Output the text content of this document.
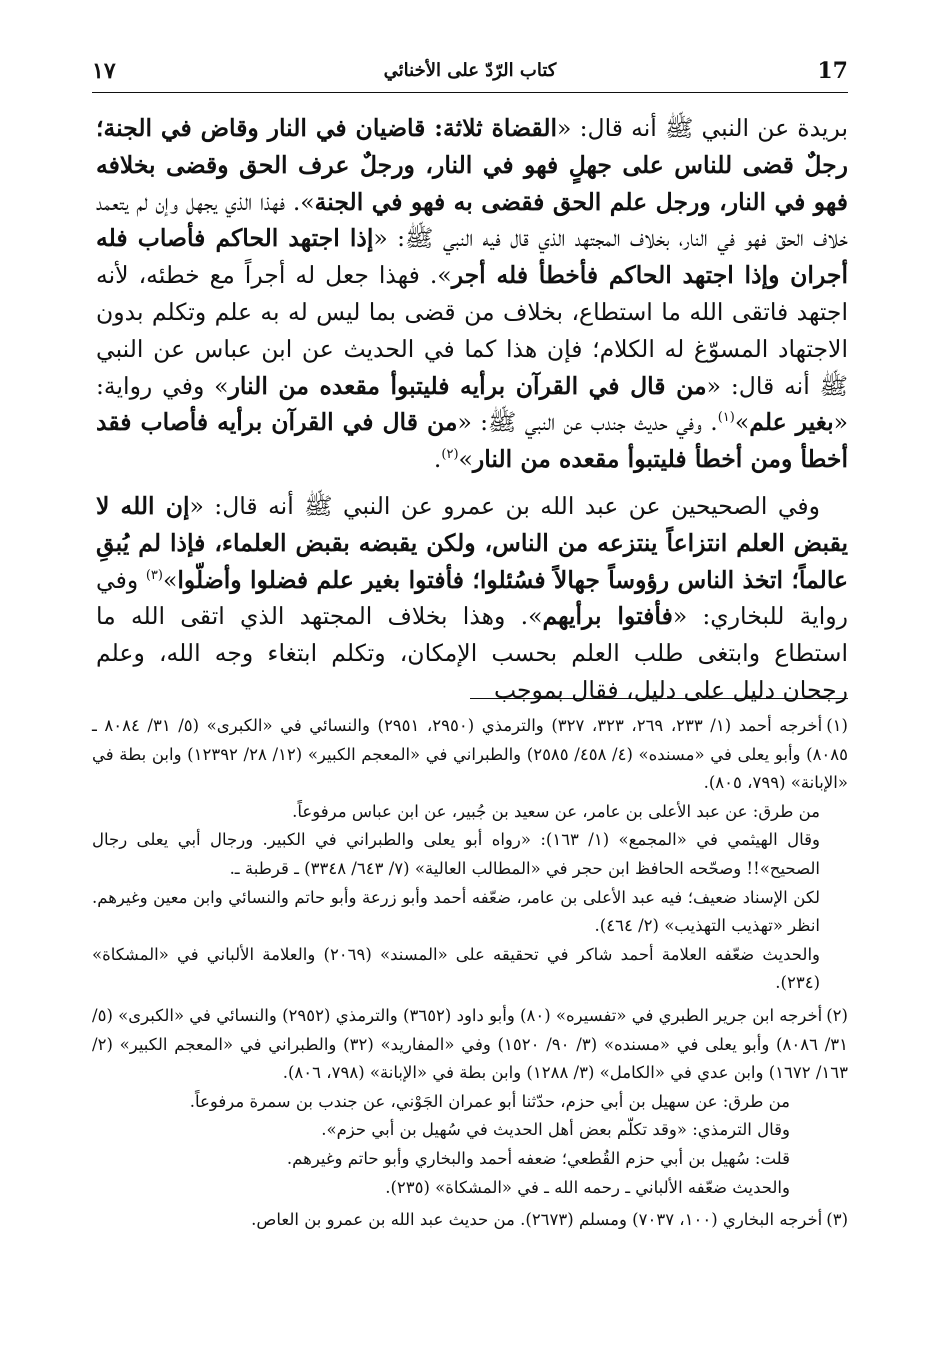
17
كتاب الرّدّ على الأخنائي
١٧

بريدة عن النبي ﷺ أنه قال: «القضاة ثلاثة: قاضيان في النار وقاض في الجنة؛ رجلٌ قضى للناس على جهلٍ فهو في النار، ورجلٌ عرف الحق وقضى بخلافه فهو في النار، ورجل علم الحق فقضى به فهو في الجنة». فهذا الذي يجهل وإن لم يتعمد خلاف الحق فهو في النار، بخلاف المجتهد الذي قال فيه النبي ﷺ: «إذا اجتهد الحاكم فأصاب فله أجران وإذا اجتهد الحاكم فأخطأ فله أجر». فهذا جعل له أجراً مع خطئه، لأنه اجتهد فاتقى الله ما استطاع، بخلاف من قضى بما ليس له به علم وتكلم بدون الاجتهاد المسوّغ له الكلام؛ فإن هذا كما في الحديث عن ابن عباس عن النبي ﷺ أنه قال: «من قال في القرآن برأيه فليتبوأ مقعده من النار» وفي رواية: «بغير علم»$^{(١)}$. وفي حديث جندب عن النبي ﷺ: «من قال في القرآن برأيه فأصاب فقد أخطأ ومن أخطأ فليتبوأ مقعده من النار»$^{(٢)}$.

وفي الصحيحين عن عبد الله بن عمرو عن النبي ﷺ أنه قال: «إن الله لا يقبض العلم انتزاعاً ينتزعه من الناس، ولكن يقبضه بقبض العلماء، فإذا لم يُبقِ عالماً؛ اتخذ الناس رؤوساً جهالاً فسُئلوا؛ فأفتوا بغير علم فضلوا وأضلّوا»$^{(٣)}$ وفي رواية للبخاري: «فأفتوا برأيهم». وهذا بخلاف المجتهد الذي اتقى الله ما استطاع وابتغى طلب العلم بحسب الإمكان، وتكلم ابتغاء وجه الله، وعلم رجحان دليل على دليل، فقال بموجب

(١)أخرجه أحمد (١/ ٢٣٣، ٢٦٩، ٣٢٣، ٣٢٧) والترمذي (٢٩٥٠، ٢٩٥١) والنسائي في «الكبرى» (٥/ ٣١/ ٨٠٨٤ ـ ٨٠٨٥) وأبو يعلى في «مسنده» (٤/ ٤٥٨/ ٢٥٨٥) والطبراني في «المعجم الكبير» (١٢/ ٢٨/ ١٢٣٩٢) وابن بطة في «الإبانة» (٧٩٩، ٨٠٥).
من طرق: عن عبد الأعلى بن عامر، عن سعيد بن جُبير، عن ابن عباس مرفوعاً.
وقال الهيثمي في «المجمع» (١/ ١٦٣): «رواه أبو يعلى والطبراني في الكبير. ورجال أبي يعلى رجال الصحيح»!! وصحّحه الحافظ ابن حجر في «المطالب العالية» (٧/ ٦٤٣/ ٣٣٤٨) ـ قرطبة ـ.
لكن الإسناد ضعيف؛ فيه عبد الأعلى بن عامر، ضعّفه أحمد وأبو زرعة وأبو حاتم والنسائي وابن معين وغيرهم. انظر «تهذيب التهذيب» (٢/ ٤٦٤).
والحديث ضعّفه العلامة أحمد شاكر في تحقيقه على «المسند» (٢٠٦٩) والعلامة الألباني في «المشكاة» (٢٣٤).
(٢)أخرجه ابن جرير الطبري في «تفسيره» (٨٠) وأبو داود (٣٦٥٢) والترمذي (٢٩٥٢) والنسائي في «الكبرى» (٥/ ٣١/ ٨٠٨٦) وأبو يعلى في «مسنده» (٣/ ٩٠/ ١٥٢٠) وفي «المفاريد» (٣٢) والطبراني في «المعجم الكبير» (٢/ ١٦٣/ ١٦٧٢) وابن عدي في «الكامل» (٣/ ١٢٨٨) وابن بطة في «الإبانة» (٧٩٨، ٨٠٦).
من طرق: عن سهيل بن أبي حزم، حدّثنا أبو عمران الجَوْني، عن جندب بن سمرة مرفوعاً.
وقال الترمذي: «وقد تكلّم بعض أهل الحديث في سُهيل بن أبي حزم».
قلت: سُهيل بن أبي حزم القُطعي؛ ضعفه أحمد والبخاري وأبو حاتم وغيرهم.
والحديث ضعّفه الألباني ـ رحمه الله ـ في «المشكاة» (٢٣٥).
(٣)أخرجه البخاري (١٠٠، ٧٠٣٧) ومسلم (٢٦٧٣). من حديث عبد الله بن عمرو بن العاص.
